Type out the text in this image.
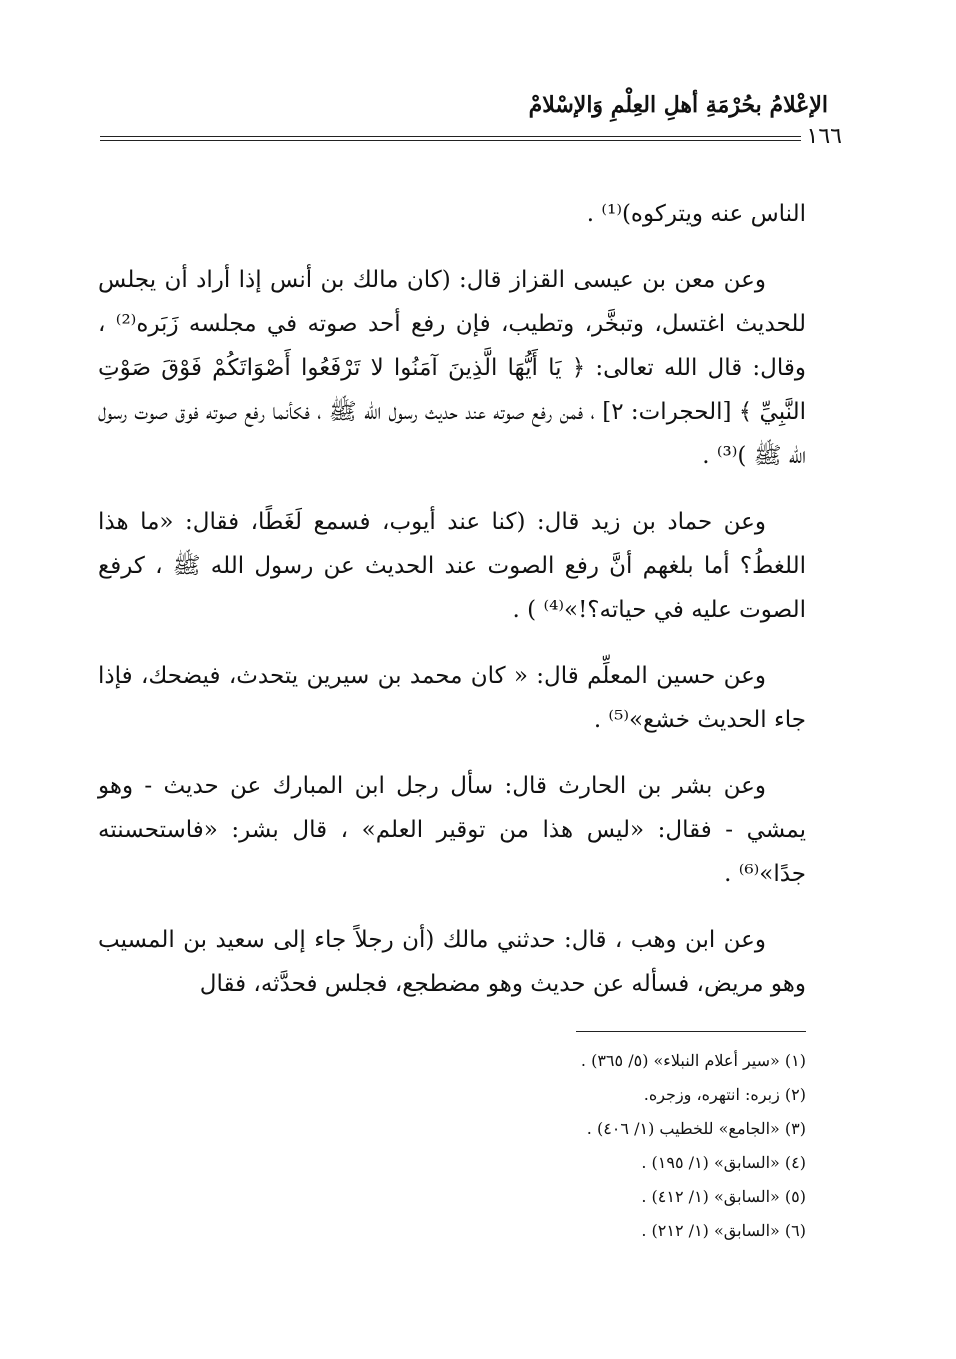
الإعْلامُ بحُرْمَةِ أهلِ العِلْمِ وَالإسْلامْ
١٦٦

الناس عنه ويتركوه)⁽¹⁾ .

وعن معن بن عيسى القزاز قال: (كان مالك بن أنس إذا أراد أن يجلس للحديث اغتسل، وتبخَّر، وتطيب، فإن رفع أحد صوته في مجلسه زَبَره⁽²⁾ ، وقال: قال الله تعالى: ﴿ يَا أَيُّهَا الَّذِينَ آمَنُوا لا تَرْفَعُوا أَصْوَاتَكُمْ فَوْقَ صَوْتِ النَّبِيِّ ﴾ [الحجرات: ٢] ، فمن رفع صوته عند حديث رسول الله ﷺ ، فكأنما رفع صوته فوق صوت رسول الله ﷺ )⁽³⁾ .

وعن حماد بن زيد قال: (كنا عند أيوب، فسمع لَغَطًا، فقال: «ما هذا اللغطُ؟ أما بلغهم أنَّ رفع الصوت عند الحديث عن رسول الله ﷺ ، كرفع الصوت عليه في حياته؟!»⁽⁴⁾ ) .

وعن حسين المعلِّم قال: « كان محمد بن سيرين يتحدث، فيضحك، فإذا جاء الحديث خشع»⁽⁵⁾ .

وعن بشر بن الحارث قال: سأل رجل ابن المبارك عن حديث - وهو يمشي - فقال: «ليس هذا من توقير العلم» ، قال بشر: «فاستحسنته جدًا»⁽⁶⁾ .

وعن ابن وهب ، قال: حدثني مالك (أن رجلاً جاء إلى سعيد بن المسيب وهو مريض، فسأله عن حديث وهو مضطجع، فجلس فحدَّثه، فقال

(١) «سير أعلام النبلاء» (٥/ ٣٦٥) .
(٢) زبره: انتهره، وزجره.
(٣) «الجامع» للخطيب (١/ ٤٠٦) .
(٤) «السابق» (١/ ١٩٥) .
(٥) «السابق» (١/ ٤١٢) .
(٦) «السابق» (١/ ٢١٢) .
